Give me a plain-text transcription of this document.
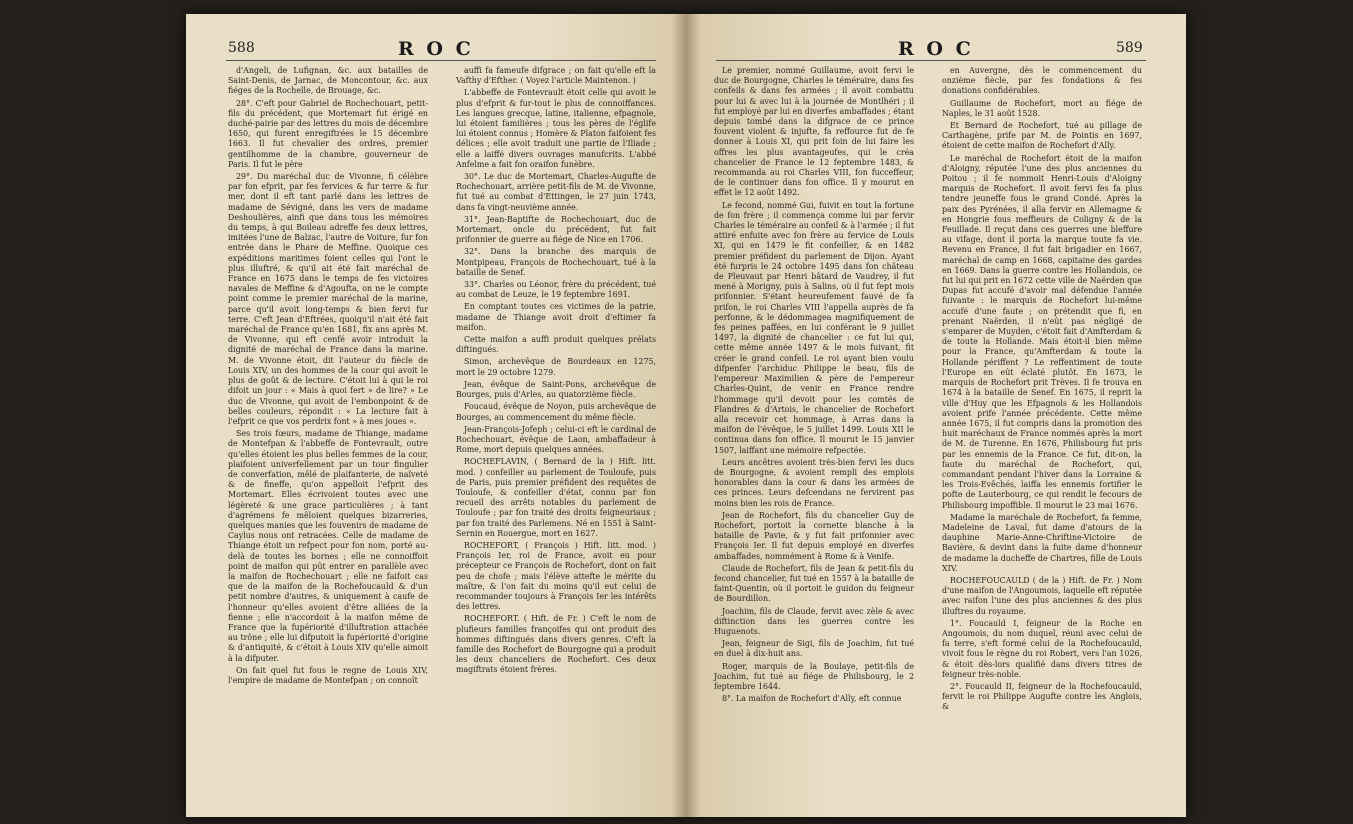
588	R O C

d'Angeli, de Lufignan, &c. aux batailles de Saint-Denis, de Jarnac, de Moncontour, &c. aux fiéges de la Rochelle, de Brouage, &c.

28°. C'eft pour Gabriel de Rochechouart, petit-fils du précédent, que Mortemart fut érigé en duché-pairie par des lettres du mois de décembre 1650, qui furent enregiftrées le 15 décembre 1663. Il fut chevalier des ordres, premier gentilhomme de la chambre, gouverneur de Paris. Il fut le père

29°. Du maréchal duc de Vivonne, fi célèbre par fon efprit, par fes fervices & fur terre & fur mer, dont il eft tant parlé dans les lettres de madame de Sévigné, dans les vers de madame Deshoulières, ainfi que dans tous les mémoires du temps, à qui Boileau adreffe fes deux lettres, imitées l'une de Balzac, l'autre de Voiture, fur fon entrée dans le Phare de Meffine. Quoique ces expéditions maritimes foient celles qui l'ont le plus illuftré, & qu'il ait été fait maréchal de France en 1675 dans le temps de fes victoires navales de Meffine & d'Agoufta, on ne le compte point comme le premier maréchal de la marine, parce qu'il avoit long-temps & bien fervi fur terre. C'eft Jean d'Eftrées, quoiqu'il n'ait été fait maréchal de France qu'en 1681, fix ans après M. de Vivonne, qui eft cenfé avoir introduit la dignité de maréchal de France dans la marine. M. de Vivonne étoit, dit l'auteur du fiècle de Louis XIV, un des hommes de la cour qui avoit le plus de goût & de lecture. C'étoit lui à qui le roi difoit un jour : « Mais à quoi fert » de lire? » Le duc de Vivonne, qui avoit de l'embonpoint & de belles couleurs, répondit : « La lecture fait à l'efprit ce que vos perdrix font » à mes joues ».

Ses trois fœurs, madame de Thiange, madame de Montefpan & l'abbeffe de Fontevrault, outre qu'elles étoient les plus belles femmes de la cour, plaifoient univerfellement par un tour fingulier de converfation, mêlé de plaifanterie, de naïveté & de fineffe, qu'on appelloit l'efprit des Mortemart. Elles écrivoient toutes avec une légèreté & une grace particulières ; à tant d'agrémens fe mêloient quelques bizarreries, quelques manies que les fouvenirs de madame de Caylus nous ont retracées. Celle de madame de Thiange étoit un refpect pour fon nom, porté au-delà de toutes les bornes ; elle ne connoiffoit point de maifon qui pût entrer en parallèle avec la maifon de Rochechouart ; elle ne faifoit cas que de la maifon de la Rochefoucauld & d'un petit nombre d'autres, & uniquement à caufe de l'honneur qu'elles avoient d'être alliées de la fienne ; elle n'accordoit à la maifon même de France que la fupériorité d'illuftration attachée au trône ; elle lui difputoit la fupériorité d'origine & d'antiquité, & c'étoit à Louis XIV qu'elle aimoit à la difputer.

On fait quel fut fous le regne de Louis XIV, l'empire de madame de Montefpan ; on connoît

auffi fa fameufe difgrace ; on fait qu'elle eft la Vafthy d'Efther. ( Voyez l'article Maintenon. )

L'abbeffe de Fontevrault étoit celle qui avoit le plus d'efprit & fur-tout le plus de connoiffances. Les langues grecque, latine, italienne, efpagnole, lui étoient familières ; tous les pères de l'églife lui étoient connus ; Homère & Platon faifoient fes délices ; elle avoit traduit une partie de l'Iliade ; elle a laiffé divers ouvrages manufcrits. L'abbé Anfelme a fait fon oraifon funèbre.

30°. Le duc de Mortemart, Charles-Augufte de Rochechouart, arrière petit-fils de M. de Vivonne, fut tué au combat d'Ettingen, le 27 juin 1743, dans fa vingt-neuvième année.

31°. Jean-Baptifte de Rochechouart, duc de Mortemart, oncle du précédent, fut fait prifonnier de guerre au fiége de Nice en 1706.

32°. Dans la branche des marquis de Montpipeau, François de Rochechouart, tué à la bataille de Senef.

33°. Charles ou Léonor, frère du précédent, tué au combat de Leuze, le 19 feptembre 1691.

En comptant toutes ces victimes de la patrie, madame de Thiange avoit droit d'eftimer fa maifon.

Cette maifon a auffi produit quelques prélats diftingués.

Simon, archevêque de Bourdeaux en 1275, mort le 29 octobre 1279.

Jean, évêque de Saint-Pons, archevêque de Bourges, puis d'Arles, au quatorzième fiècle.

Foucaud, évêque de Noyon, puis archevêque de Bourges, au commencement du même fiècle.

Jean-François-Jofeph ; celui-ci eft le cardinal de Rochechouart, évêque de Laon, ambaffadeur à Rome, mort depuis quelques années.

ROCHEFLAVIN, ( Bernard de la ) Hift. litt. mod. ) confeiller au parlement de Touloufe, puis de Paris, puis premier préfident des requêtes de Touloufe, & confeiller d'état, connu par fon recueil des arrêts notables du parlement de Touloufe ; par fon traité des droits feigneuriaux ; par fon traité des Parlemens. Né en 1551 à Saint-Sernin en Rouergue, mort en 1627.

ROCHEFORT, ( François ) Hift. litt. mod. ) François Ier, roi de France, avoit eu pour précepteur ce François de Rochefort, dont on fait peu de chofe ; mais l'élève attefte le mérite du maître, & l'on fait du moins qu'il eut celui de recommander toujours à François Ier les intérêts des lettres.

ROCHEFORT. ( Hift. de Fr. ) C'eft le nom de plufieurs familles françoifes qui ont produit des hommes diftingués dans divers genres. C'eft la famille des Rochefort de Bourgogne qui a produit les deux chanceliers de Rochefort. Ces deux magiftrats étoient frères.

R O C	589

Le premier, nommé Guillaume, avoit fervi le duc de Bourgogne, Charles le téméraire, dans fes confeils & dans fes armées ; il avoit combattu pour lui & avec lui à la journée de Montlhéri ; il fut employé par lui en diverfes ambaffades ; étant depuis tombé dans la difgrace de ce prince fouvent violent & injufte, fa reffource fut de fe donner à Louis XI, qui prit foin de lui faire les offres les plus avantageufes, qui le créa chancelier de France le 12 feptembre 1483, & recommanda au roi Charles VIII, fon fucceffeur, de le continuer dans fon office. Il y mourut en effet le 12 août 1492.

Le fecond, nommé Gui, fuivit en tout la fortune de fon frère ; il commença comme lui par fervir Charles le téméraire au confeil & à l'armée ; il fut attiré enfuite avec fon frère au fervice de Louis XI, qui en 1479 le fit confeiller, & en 1482 premier préfident du parlement de Dijon. Ayant été furpris le 24 octobre 1495 dans fon château de Pleuvaut par Henri bâtard de Vaudrey, il fut mené à Morigny, puis à Salins, où il fut fept mois prifonnier. S'étant heureufement fauvé de fa prifon, le roi Charles VIII l'appella auprès de fa perfonne, & le dédommagea magnifiquement de fes peines paffées, en lui conférant le 9 juillet 1497, la dignité de chancelier : ce fut lui qui, cette même année 1497 & le mois fuivant, fit créer le grand confeil. Le roi ayant bien voulu difpenfer l'archiduc Philippe le beau, fils de l'empereur Maximilien & père de l'empereur Charles-Quint, de venir en France rendre l'hommage qu'il devoit pour les comtés de Flandres & d'Artois, le chancelier de Rochefort alla recevoir cet hommage, à Arras dans la maifon de l'évêque, le 5 juillet 1499. Louis XII le continua dans fon office. Il mourut le 15 janvier 1507, laiffant une mémoire refpectée.

Leurs ancêtres avoient très-bien fervi les ducs de Bourgogne, & avoient rempli des emplois honorables dans la cour & dans les armées de ces princes. Leurs defcendans ne fervirent pas moins bien les rois de France.

Jean de Rochefort, fils du chancelier Guy de Rochefort, portoit la cornette blanche à la bataille de Pavie, & y fut fait prifonnier avec François Ier. Il fut depuis employé en diverfes ambaffades, nommément à Rome & à Venife.

Claude de Rochefort, fils de Jean & petit-fils du fecond chancelier, fut tué en 1557 à la bataille de faint-Quentin, où il portoit le guidon du feigneur de Bourdillon.

Joachim, fils de Claude, fervit avec zèle & avec diftinction dans les guerres contre les Huguenots.

Jean, feigneur de Sigi, fils de Joachim, fut tué en duel à dix-huit ans.

Roger, marquis de la Boulaye, petit-fils de Joachim, fut tué au fiége de Philisbourg, le 2 feptembre 1644.

8°. La maifon de Rochefort d'Ally, eft connue

en Auvergne, dès le commencement du onzième fiècle, par fes fondations & fes donations confidérables.

Guillaume de Rochefort, mort au fiége de Naples, le 31 août 1528.

Et Bernard de Rochefort, tué au pillage de Carthagène, prife par M. de Pointis en 1697, étoient de cette maifon de Rochefort d'Ally.

Le maréchal de Rochefort étoit de la maifon d'Aloigny, réputée l'une des plus anciennes du Poitou ; il fe nommoit Henri-Louis d'Aloigny marquis de Rochefort. Il avoit fervi fes fa plus tendre jeuneffe fous le grand Condé. Après la paix des Pyrénées, il alla fervir en Allemagne & en Hongrie fous meffieurs de Coligny & de la Feuillade. Il reçut dans ces guerres une bleffure au vifage, dont il porta la marque toute fa vie. Revenu en France, il fut fait brigadier en 1667, maréchal de camp en 1668, capitaine des gardes en 1669. Dans la guerre contre les Hollandois, ce fut lui qui prit en 1672 cette ville de Naërden que Dupas fut accufé d'avoir mal défendue l'année fuivante : le marquis de Rochefort lui-même accufé d'une faute ; on prétendit que fi, en prenant Naërden, il n'eût pas négligé de s'emparer de Muyden, c'étoit fait d'Amfterdam & de toute la Hollande. Mais étoit-il bien même pour la France, qu'Amfterdam & toute la Hollande périffent ? Le reffentiment de toute l'Europe en eût éclaté plutôt. En 1673, le marquis de Rochefort prit Trèves. Il fe trouva en 1674 à la bataille de Senef. En 1675, il reprit la ville d'Huy que les Efpagnols & les Hollandois avoient prife l'année précédente. Cette même année 1675, il fut compris dans la promotion des huit maréchaux de France nommés après la mort de M. de Turenne. En 1676, Philisbourg fut pris par les ennemis de la France. Ce fut, dit-on, la faute du maréchal de Rochefort, qui, commandant pendant l'hiver dans la Lorraine & les Trois-Evêchés, laiffa les ennemis fortifier le pofte de Lauterbourg, ce qui rendit le fecours de Philisbourg impoffible. Il mourut le 23 mai 1676.

Madame la maréchale de Rochefort, fa femme, Madeleine de Laval, fut dame d'atours de la dauphine Marie-Anne-Chriftine-Victoire de Bavière, & devint dans la fuite dame d'honneur de madame la ducheffe de Chartres, fille de Louis XIV.

ROCHEFOUCAULD ( de la ) Hift. de Fr. ) Nom d'une maifon de l'Angoumois, laquelle eft réputée avec raifon l'une des plus anciennes & des plus illuftres du royaume.

1°. Foucauld I, feigneur de la Roche en Angoumois, du nom duquel, réuni avec celui de fa terre, s'eft formé celui de la Rochefoucauld, vivoit fous le règne du roi Robert, vers l'an 1026, & étoit dès-lors qualifié dans divers titres de feigneur très-noble.

2°. Foucauld II, feigneur de la Rochefoucauld, fervit le roi Philippe Augufte contre les Anglois, &
